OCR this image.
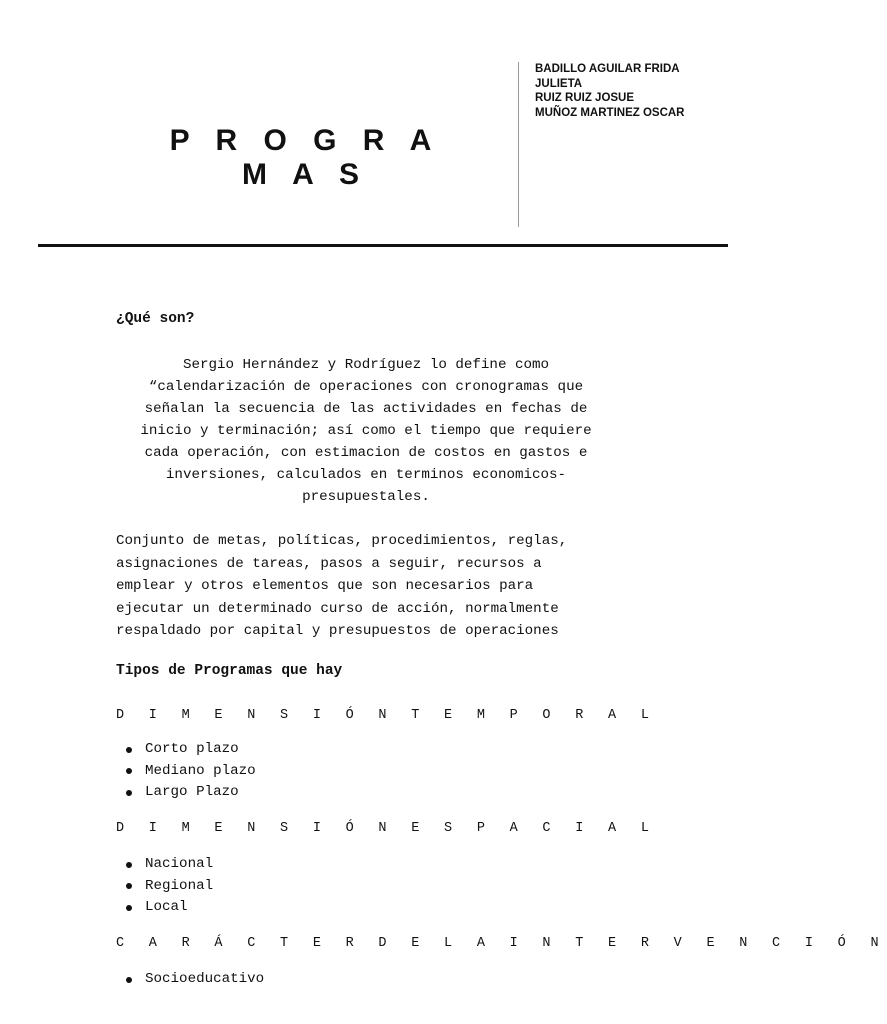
P R O G R A M A S
BADILLO AGUILAR FRIDA
JULIETA
RUIZ RUIZ JOSUE
MUÑOZ MARTINEZ OSCAR
¿Qué son?
Sergio Hernández y Rodríguez lo define como
“calendarización de operaciones con cronogramas que
señalan la secuencia de las actividades en fechas de
inicio y terminación; así como el tiempo que requiere
cada operación, con estimacion de costos en gastos e
inversiones, calculados en terminos economicos-
presupuestales.
Conjunto de metas, políticas, procedimientos, reglas,
asignaciones de tareas, pasos a seguir, recursos a
emplear y otros elementos que son necesarios para
ejecutar un determinado curso de acción, normalmente
respaldado por capital y presupuestos de operaciones
Tipos de Programas que hay
D I M E N S I Ó N T E M P O R A L
Corto plazo
Mediano plazo
Largo Plazo
D I M E N S I Ó N E S P A C I A L
Nacional
Regional
Local
C A R Á C T E R D E L A I N T E R V E N C I Ó N
Socioeducativo
